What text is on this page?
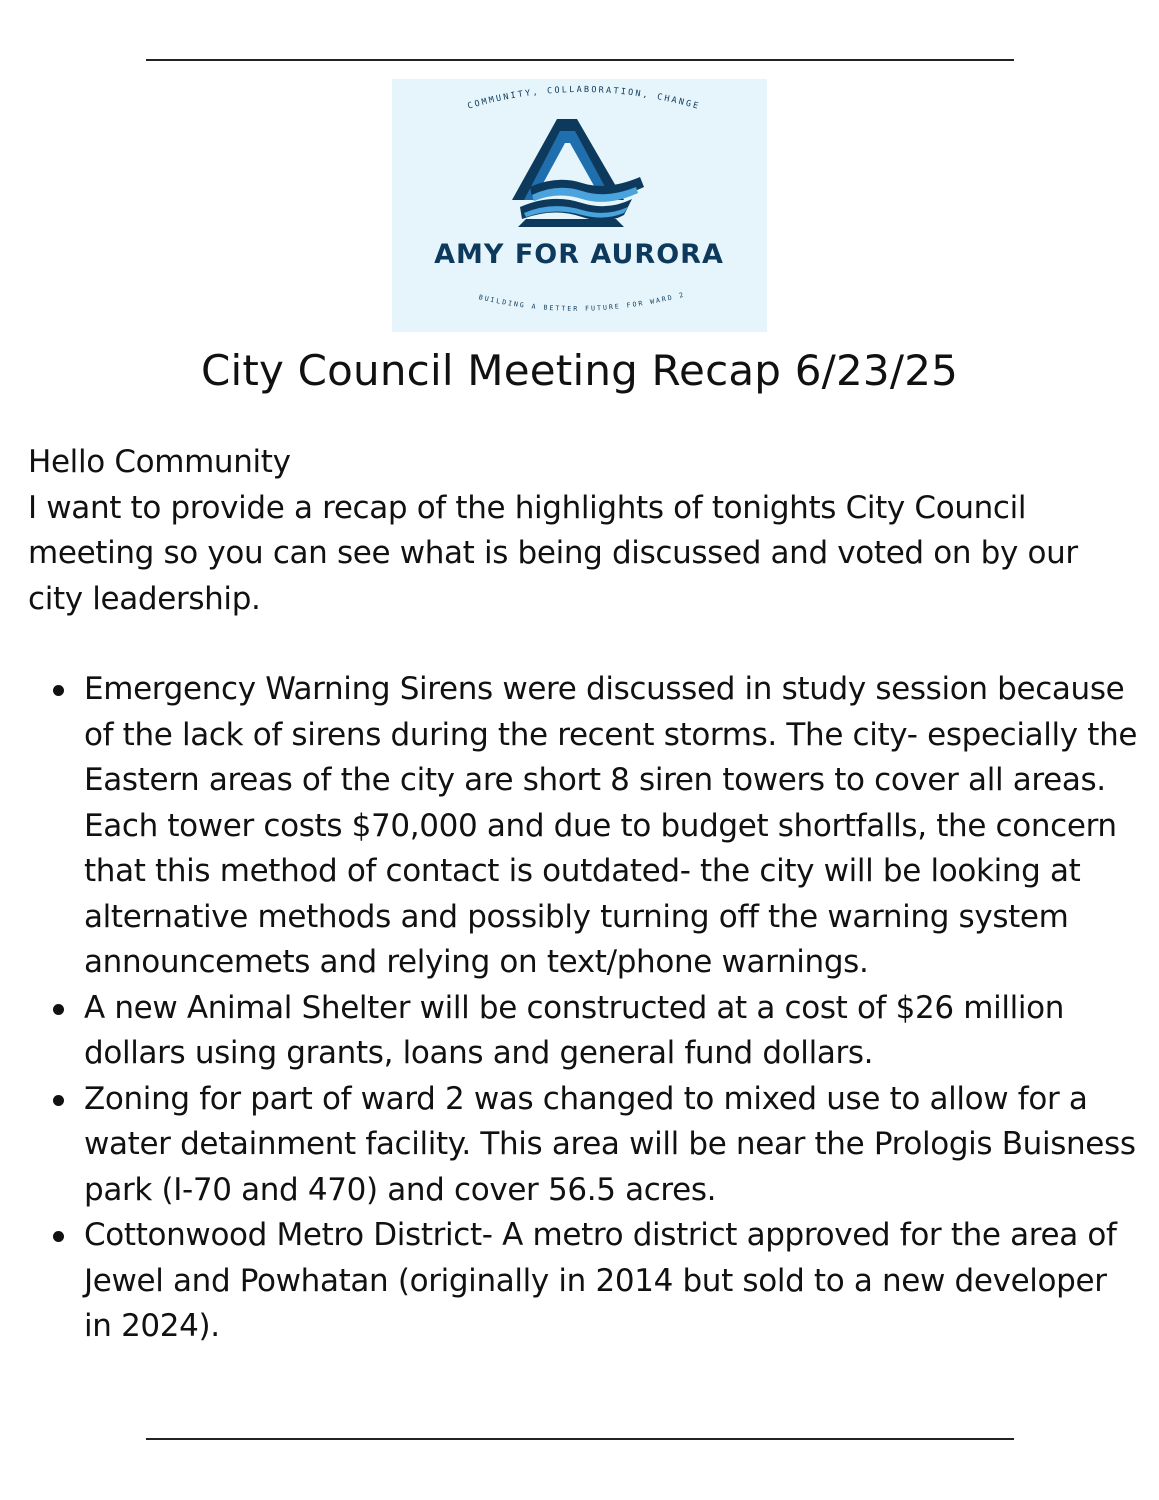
COMMUNITY, COLLABORATION, CHANGE
AMY FOR AURORA
BUILDING A BETTER FUTURE FOR WARD 2
City Council Meeting Recap 6/23/25
Hello Community
I want to provide a recap of the highlights of tonights City Council meeting so you can see what is being discussed and voted on by our city leadership.
Emergency Warning Sirens were discussed in study session because of the lack of sirens during the recent storms. The city- especially the Eastern areas of the city are short 8 siren towers to cover all areas. Each tower costs $70,000 and due to budget shortfalls, the concern that this method of contact is outdated- the city will be looking at alternative methods and possibly turning off the warning system announcemets and relying on text/phone warnings.
A new Animal Shelter will be constructed at a cost of $26 million dollars using grants, loans and general fund dollars.
Zoning for part of ward 2 was changed to mixed use to allow for a water detainment facility. This area will be near the Prologis Buisness park (I-70 and 470) and cover 56.5 acres.
Cottonwood Metro District- A metro district approved for the area of Jewel and Powhatan (originally in 2014 but sold to a new developer in 2024).
